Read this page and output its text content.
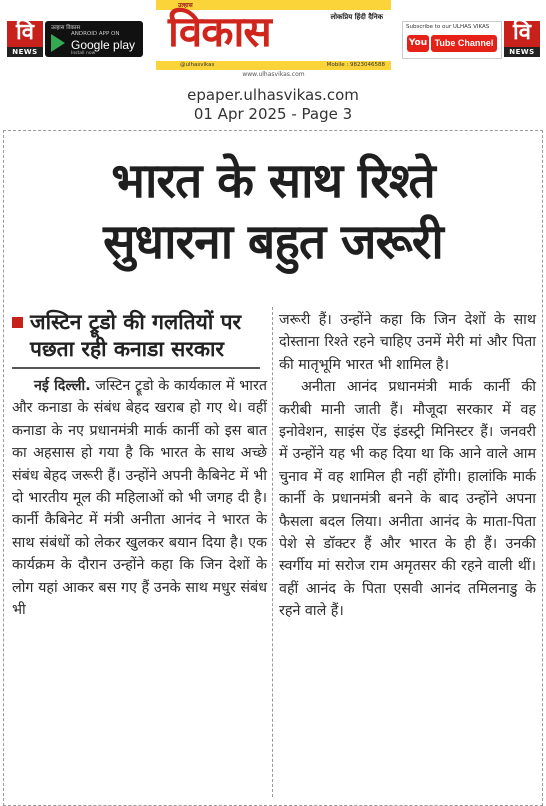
वि
NEWS
उल्हास विकास
ANDROID APP ON
Google play
Install now
उल्हास
लोकप्रिय हिंदी दैनिक
विकास
@ulhasvikas	Mobile : 9823046588
www.ulhasvikas.com
Subscribe to our ULHAS VIKAS
You Tube Channel वि
NEWS
epaper.ulhasvikas.com
01 Apr 2025 - Page 3
भारत के साथ रिश्ते
सुधारना बहुत जरूरी
जस्टिन ट्रूडो की गलतियों पर पछता रही कनाडा सरकार

नई दिल्ली. जस्टिन ट्रूडो के कार्यकाल में भारत और कनाडा के संबंध बेहद खराब हो गए थे। वहीं कनाडा के नए प्रधानमंत्री मार्क कार्नी को इस बात का अहसास हो गया है कि भारत के साथ अच्छे संबंध बेहद जरूरी हैं। उन्होंने अपनी कैबिनेट में भी दो भारतीय मूल की महिलाओं को भी जगह दी है। कार्नी कैबिनेट में मंत्री अनीता आनंद ने भारत के साथ संबंधों को लेकर खुलकर बयान दिया है। एक कार्यक्रम के दौरान उन्होंने कहा कि जिन देशों के लोग यहां आकर बस गए हैं उनके साथ मधुर संबंध भी

जरूरी हैं। उन्होंने कहा कि जिन देशों के साथ दोस्ताना रिश्ते रहने चाहिए उनमें मेरी मां और पिता की मातृभूमि भारत भी शामिल है।

अनीता आनंद प्रधानमंत्री मार्क कार्नी की करीबी मानी जाती हैं। मौजूदा सरकार में वह इनोवेशन, साइंस ऐंड इंडस्ट्री मिनिस्टर हैं। जनवरी में उन्होंने यह भी कह दिया था कि आने वाले आम चुनाव में वह शामिल ही नहीं होंगी। हालांकि मार्क कार्नी के प्रधानमंत्री बनने के बाद उन्होंने अपना फैसला बदल लिया। अनीता आनंद के माता-पिता पेशे से डॉक्टर हैं और भारत के ही हैं। उनकी स्वर्गीय मां सरोज राम अमृतसर की रहने वाली थीं। वहीं आनंद के पिता एसवी आनंद तमिलनाडु के रहने वाले हैं।
